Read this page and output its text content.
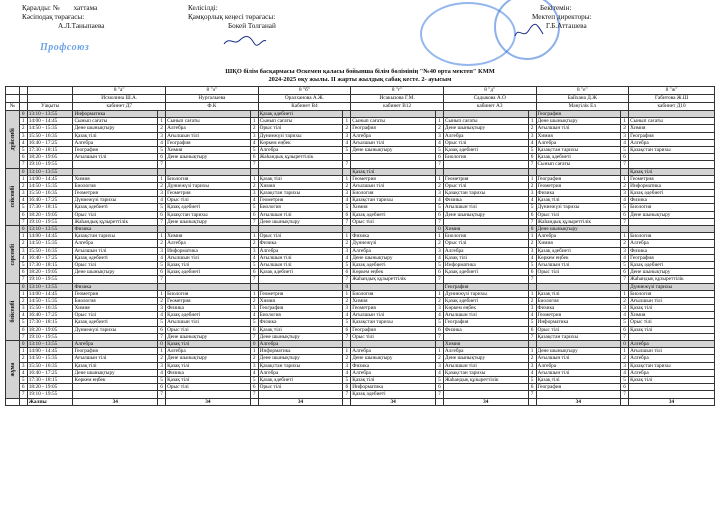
Профсоюз
Қаралды: № хаттама
Кәсіподақ төрағасы:
А.Л.Таныпаева
Келісілді:
Қамқорлық кеңесі төрағасы:
Бокей Толганай
Бекітемін:
Мектеп директоры:
Г.Б.Атташева
ШҚО білім басқармасы Өскемен қаласы бойынша білім бөлімінің "№40 орта мектеп" КММ
2024-2025 оқу жылы. II жарты жылдық сабақ кесте. 2- ауысым
			8 "а"		8 "ә"		8 "б"		8 "г"		8 "д"		8 "е"		8 "ж"
			Исмолина Ш.А.		Нургалыева		Оралханова А.Ж.		Исакызова Г.М.		Садыкова А.О		Байхана Д.Ж		Габитова Ж.Ш
№		Уақыты	кабинет Д7		Ф.К		Кабинет В4		кабинет В12		кабинет А3		Мәңгілік Ел		кабинет Д10
дүйсенбі	0	13:10 - 13:55	Информатика				Қазақ әдебиеті						География		
	1	14:00 - 14:45	Сынып сағаты	1	Сынып сағаты	1	Сынып сағаты	1	Сынып сағаты	1	Сынып сағаты	1	Дене шынықтыру	1	Сынып сағаты
	2	14:50 - 15:35	Дене шынықтыру	2	Алгебра	2	Орыс тілі	2	География	2	Дене шынықтыру	2	Ағылшын тілі	2	Химия
	3	15:50 - 16:35	Қазақ тілі	3	Ағылшын тілі	3	Дүниежүзі тарихы	3	Алгебра	3	Алгебра	3	Химия	3	География
	4	16:40 - 17:25	Алгебра	4	География	4	Көркем еңбек	4	Ағылшын тілі	4	Орыс тілі	4	Алгебра	4	Алгебра
	5	17:30 - 18:15	География	5	Химия	5	Алгебра	5	Дене шынықтыру	5	Қазақ әдебиеті	5	Қазақстан тарихы	5	Қазақстан тарихы
	6	18:20 - 19:05	Ағылшын тілі	6	Дене шынықтыру	6	Жаһандық құзыреттілік			6	Биология	6	Қазақ әдебиеті	6	
	7	19:10 - 19:55		7		7		7		7		7	Сынып сағаты	7	
сейсенбі	0	13:10 - 13:55							Қазақ тілі						Қазақ тілі
	1	14:00 - 14:45	Химия	1	Биология	1	Қазақ тілі	1	Геометрия	1	Геометрия	1	География	1	Геометрия
	2	14:50 - 15:35	Биология	2	Дүниежүзі тарихы	2	Химия	2	Ағылшын тілі	2	Орыс тілі	2	Геометрия	2	Информатика
	3	15:50 - 16:35	Геометрия	3	Геометрия	3	Қазақстан тарихы	3	Биология	3	Қазақстан тарихы	3	Физика	3	Қазақ әдебиеті
	4	16:40 - 17:25	Дүниежүзі тарихы	4	Орыс тілі	4	Геометрия	4	Қазақстан тарихы	4	Физика	4	Қазақ тілі	4	Физика
	5	17:30 - 18:15	Қазақ әдебиеті	5	Қазақ әдебиеті	5	Биология	5	Химия	5	Ағылшын тілі	5	Дүниежүзі тарихы	5	Биология
	6	18:20 - 19:05	Орыс тілі	6	Қазақстан тарихы	6	Ағылшын тілі	6	Қазақ әдебиеті	6	Дене шынықтыру	6	Орыс тілі	6	Дене шынықтыру
	7	19:10 - 19:55	Жаһандық құзыреттілік	7	Дене шынықтыру	7	Дене шынықтыру	7	Орыс тілі	7		7	Жаһандық құзыреттілік	7	
сәрсенбі	0	13:10 - 13:55	Физика							0	Химия	0	Дене шынықтыру		
	1	14:00 - 14:45	Қазақстан тарихы	1	Химия	1	Орыс тілі	1	Физика	1	Биология	1	Алгебра	1	Биология
	2	14:50 - 15:35	Алгебра	2	Алгебра	2	Физика	2	Дүниежүзі	2	Орыс тілі	2	Химия	2	Алгебра
	3	15:50 - 16:35	Ағылшын тілі	3	Информатика	3	Алгебра	3	Алгебра	3	Алгебра	3	Қазақ әдебиеті	3	Физика
	4	16:40 - 17:25	Қазақ әдебиеті	4	Ағылшын тілі	4	Ағылшын тілі	4	Дене шынықтыру	4	Қазақ тілі	4	Көркем еңбек	4	География
	5	17:30 - 18:15	Орыс тілі	5	Қазақ тілі	5	Ағылшын тілі	5	Қазақ әдебиеті	5	Информатика	5	Ағылшын тілі	5	Қазақ әдебиеті
	6	18:20 - 19:05	Дене шынықтыру	6	Қазақ әдебиеті	6	Қазақ әдебиеті	6	Көркем еңбек	6	Қазақ әдебиеті	6	Орыс тілі	6	Дене шынықтыру
	7	19:10 - 19:55		7		7		7	Жаһандық құзыреттілік	7		7		7	Жаһандық құзыреттілік
бейсенбі	0	13:10 - 13:55	Физика					0			География				Дүниежүзі тарихы
	1	14:00 - 14:45	Геометрия	1	Биология	1	Геометрия	1	Биология	1	Дүниежүзі тарихы	1	Қазақ тілі	1	Биология
	2	14:50 - 15:35	Биология	2	Геометрия	2	Химия	2	Химия	2	Қазақ әдебиеті	2	Биология	2	Ағылшын тілі
	3	15:50 - 16:35	Химия	3	Физика	3	География	3	Геометрия	3	Көркем еңбек	3	Физика	3	Қазақ тілі
	4	16:40 - 17:25	Орыс тілі	4	Қазақ әдебиеті	4	Биология	4	Ағылшын тілі	4	Ағылшын тілі	4	Геометрия	4	Химия
	5	17:30 - 18:15	Қазақ әдебиеті	5	Ағылшын тілі	5	Физика	5	Қазақстан тарихы	5	География	5	Информатика	5	Орыс тілі
	6	18:20 - 19:05	Дүниежүзі тарихы	6	Орыс тілі	6	Қазақ тілі	6	География	6	Физика	6	Орыс тілі	6	Қазақ тілі
	7	19:10 - 19:55		7	Дене шынықтыру	7	Дене шынықтыру	7	Орыс тілі	7		7	Қазақстан тарихы	7	
жұма	0	13:10 - 13:55	Алгебра	0	Қазақ тілі	0	Алгебра				Химия			0	Алгебра
	1	14:00 - 14:45	География	1	Алгебра	1	Информатика	1	Алгебра	1	Алгебра	1	Дене шынықтыру	1	Ағылшын тілі
	2	14:50 - 15:35	Ағылшын тілі	2	Дене шынықтыру	2	Дене шынықтыру	2	Дене шынықтыру	2	Дене шынықтыру	2	Ағылшын тілі	2	Алгебра
	3	15:50 - 16:35	Қазақ тілі	3	Қазақ тілі	3	Қазақстан тарихы	3	Физика	3	Ағылшын тілі	3	Алгебра	3	Қазақстан тарихы
	4	16:40 - 17:25	Дене шынықтыру	4	Физика	4	Алгебра	4	Алгебра	4	Қазақстан тарихы	4	Ағылшын тілі	4	Алгебра
	5	17:30 - 18:15	Көркем еңбек	5	Қазақ тілі	5	Қазақ әдебиеті	5	Қазақ тілі	5	Жаһандық құзыреттілік	5	Қазақ тілі	5	Қазақ тілі
	6	18:20 - 19:05		6	Орыс тілі	6	Орыс тілі	6	Информатика	6		6	География	6	
	7	19:10 - 19:55		7		7		7	Қазақ әдебиеті	7		7		7	
		Жалпы	34		34		34		34		34		34		34
